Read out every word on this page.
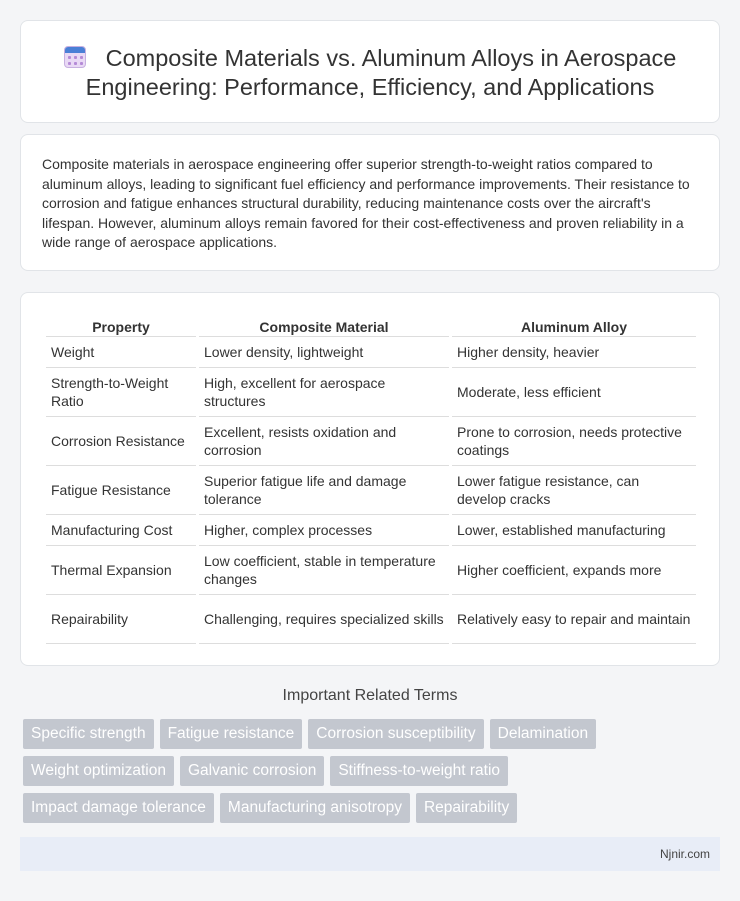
Composite Materials vs. Aluminum Alloys in Aerospace Engineering: Performance, Efficiency, and Applications

Composite materials in aerospace engineering offer superior strength-to-weight ratios compared to aluminum alloys, leading to significant fuel efficiency and performance improvements. Their resistance to corrosion and fatigue enhances structural durability, reducing maintenance costs over the aircraft's lifespan. However, aluminum alloys remain favored for their cost-effectiveness and proven reliability in a wide range of aerospace applications.

Property	Composite Material	Aluminum Alloy
Weight	Lower density, lightweight	Higher density, heavier
Strength-to-Weight Ratio	High, excellent for aerospace structures	Moderate, less efficient
Corrosion Resistance	Excellent, resists oxidation and corrosion	Prone to corrosion, needs protective coatings
Fatigue Resistance	Superior fatigue life and damage tolerance	Lower fatigue resistance, can develop cracks
Manufacturing Cost	Higher, complex processes	Lower, established manufacturing
Thermal Expansion	Low coefficient, stable in temperature changes	Higher coefficient, expands more
Repairability	Challenging, requires specialized skills	Relatively easy to repair and maintain
Important Related Terms
Specific strength	Fatigue resistance	Corrosion susceptibility	Delamination
Weight optimization	Galvanic corrosion	Stiffness-to-weight ratio
Impact damage tolerance	Manufacturing anisotropy	Repairability
Njnir.com
